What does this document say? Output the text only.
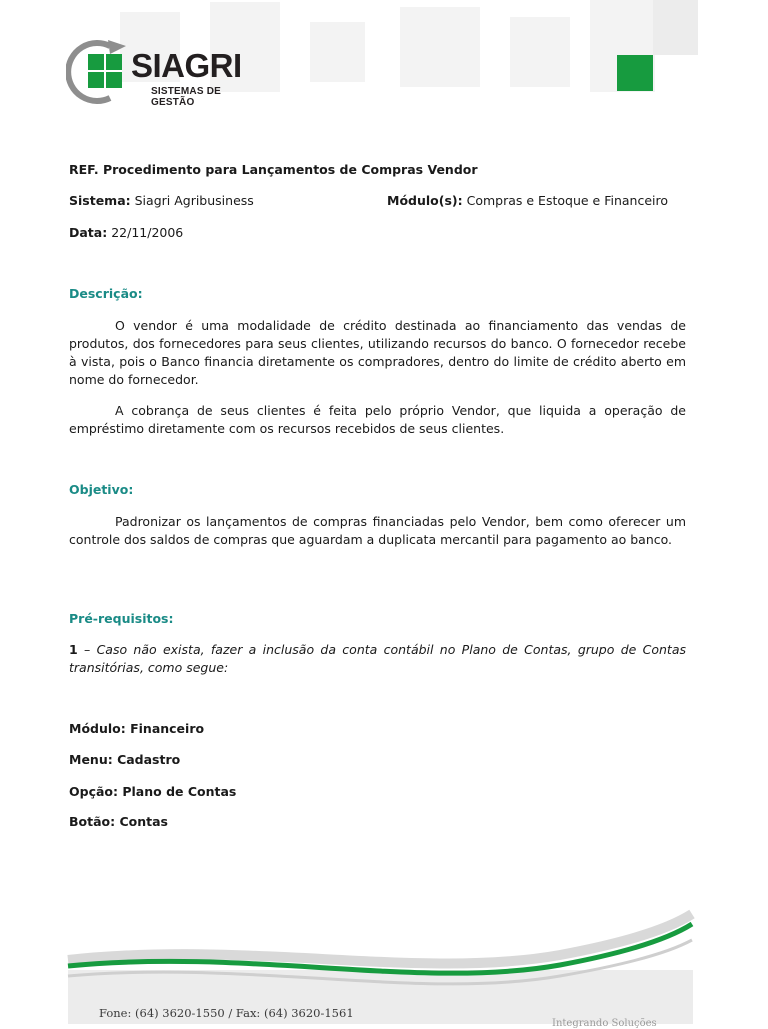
SIAGRI
SISTEMAS DE GESTÃO
REF. Procedimento para Lançamentos de Compras Vendor
Sistema: Siagri Agribusiness	Módulo(s): Compras e Estoque e Financeiro
Data: 22/11/2006
Descrição:

O vendor é uma modalidade de crédito destinada ao financiamento das vendas de produtos, dos fornecedores para seus clientes, utilizando recursos do banco. O fornecedor recebe à vista, pois o Banco financia diretamente os compradores, dentro do limite de crédito aberto em nome do fornecedor.

A cobrança de seus clientes é feita pelo próprio Vendor, que liquida a operação de empréstimo diretamente com os recursos recebidos de seus clientes.

Objetivo:

Padronizar os lançamentos de compras financiadas pelo Vendor, bem como oferecer um controle dos saldos de compras que aguardam a duplicata mercantil para pagamento ao banco.

Pré-requisitos:

1 – Caso não exista, fazer a inclusão da conta contábil no Plano de Contas, grupo de Contas transitórias, como segue:

Módulo: Financeiro
Menu: Cadastro
Opção: Plano de Contas
Botão: Contas
Fone: (64) 3620-1550 / Fax: (64) 3620-1561
Integrando Soluções
